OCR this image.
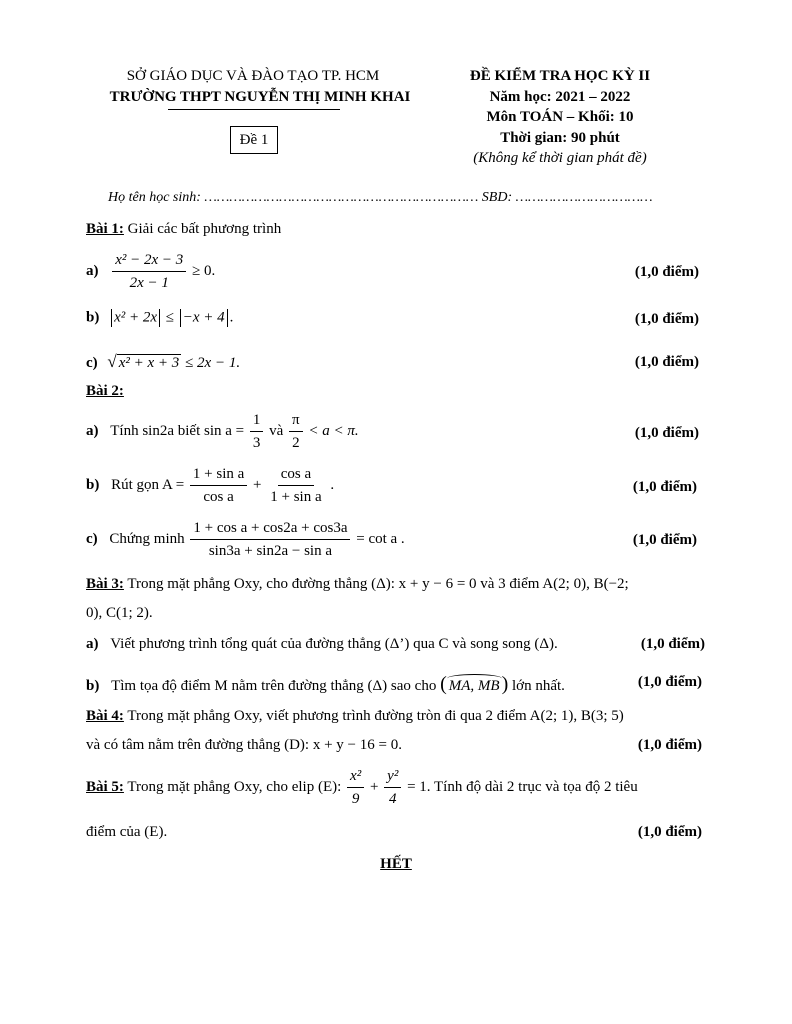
SỞ GIÁO DỤC VÀ ĐÀO TẠO TP. HCM
TRƯỜNG THPT NGUYỄN THỊ MINH KHAI
Đề 1
ĐỀ KIỂM TRA HỌC KỲ II
Năm học: 2021 – 2022
Môn TOÁN – Khối: 10
Thời gian: 90 phút
(Không kể thời gian phát đề)
Họ tên học sinh: ………………………………………………………… SBD: ……………………………
Bài 1: Giải các bất phương trình
$a) \frac{\text{x² − 2x − 3}}{2x - 1} \ge 0$.	(1,0 điểm)
b) x² + 2x ≤ −x + 4 .	(1,0 điểm)
c) √ x² + x + 3 ≤ 2x − 1.	(1,0 điểm)
Bài 2:
a) Tính sin2a biết $\sin a = \frac{1}{3}$ và $\frac{\pi}{2} < a < \pi$.	(1,0 điểm)
b) Rút gọn $A = \frac{\text{1 + sin a}}{\text{cos a}} + \frac{\text{cos a}}{\text{1 + sin a}}$ .	(1,0 điểm)
c) Chứng minh $\frac{\text{1 + cos a + cos2a + cos3a}}{\text{sin3a + sin2a − sin a}} = \cot a$ .	(1,0 điểm)
Bài 3: Trong mặt phẳng Oxy, cho đường thẳng (Δ): x + y − 6 = 0 và 3 điểm A(2; 0), B(−2;
0), C(1; 2).
a) Viết phương trình tổng quát của đường thẳng (Δ’) qua C và song song (Δ).	(1,0 điểm)
b) Tìm tọa độ điểm M nằm trên đường thẳng (Δ) sao cho ( MA, MB ) lớn nhất.	(1,0 điểm)
Bài 4: Trong mặt phẳng Oxy, viết phương trình đường tròn đi qua 2 điểm A(2; 1), B(3; 5)
và có tâm nằm trên đường thẳng (D): x + y − 16 = 0.	(1,0 điểm)
Bài 5: Trong mặt phẳng Oxy, cho elip (E): $\frac{\text{x²}}{9} + \frac{\text{y²}}{4} = 1$. Tính độ dài 2 trục và tọa độ 2 tiêu
điểm của (E).	(1,0 điểm)
HẾT
